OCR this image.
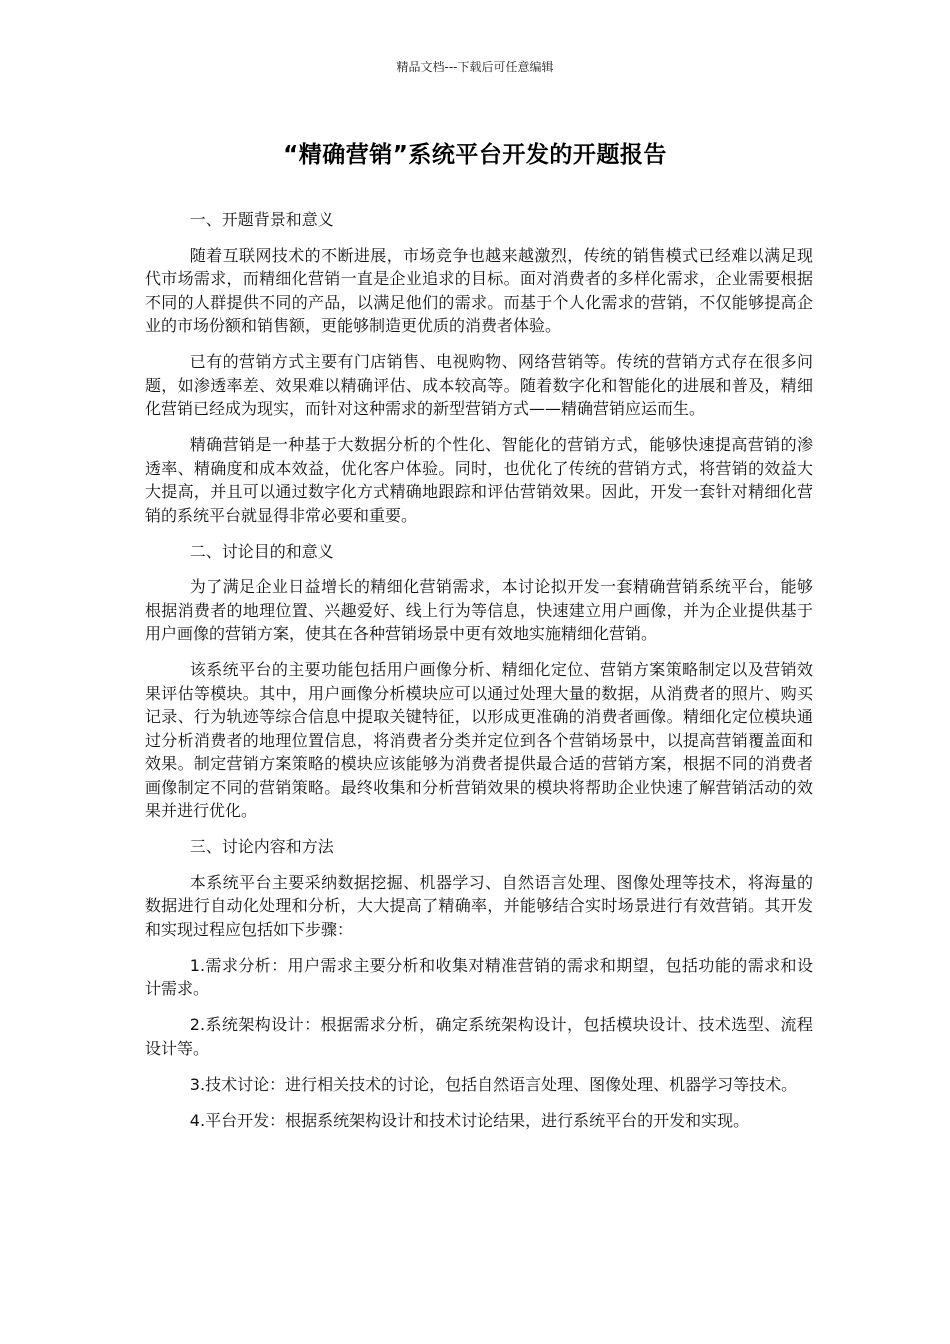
精品文档---下载后可任意编辑
“精确营销”系统平台开发的开题报告

一、开题背景和意义

随着互联网技术的不断进展，市场竞争也越来越激烈，传统的销售模式已经难以满足现代市场需求，而精细化营销一直是企业追求的目标。面对消费者的多样化需求，企业需要根据不同的人群提供不同的产品，以满足他们的需求。而基于个人化需求的营销，不仅能够提高企业的市场份额和销售额，更能够制造更优质的消费者体验。

已有的营销方式主要有门店销售、电视购物、网络营销等。传统的营销方式存在很多问题，如渗透率差、效果难以精确评估、成本较高等。随着数字化和智能化的进展和普及，精细化营销已经成为现实，而针对这种需求的新型营销方式——精确营销应运而生。

精确营销是一种基于大数据分析的个性化、智能化的营销方式，能够快速提高营销的渗透率、精确度和成本效益，优化客户体验。同时，也优化了传统的营销方式，将营销的效益大大提高，并且可以通过数字化方式精确地跟踪和评估营销效果。因此，开发一套针对精细化营销的系统平台就显得非常必要和重要。

二、讨论目的和意义

为了满足企业日益增长的精细化营销需求，本讨论拟开发一套精确营销系统平台，能够根据消费者的地理位置、兴趣爱好、线上行为等信息，快速建立用户画像，并为企业提供基于用户画像的营销方案，使其在各种营销场景中更有效地实施精细化营销。

该系统平台的主要功能包括用户画像分析、精细化定位、营销方案策略制定以及营销效果评估等模块。其中，用户画像分析模块应可以通过处理大量的数据，从消费者的照片、购买记录、行为轨迹等综合信息中提取关键特征，以形成更准确的消费者画像。精细化定位模块通过分析消费者的地理位置信息，将消费者分类并定位到各个营销场景中，以提高营销覆盖面和效果。制定营销方案策略的模块应该能够为消费者提供最合适的营销方案，根据不同的消费者画像制定不同的营销策略。最终收集和分析营销效果的模块将帮助企业快速了解营销活动的效果并进行优化。

三、讨论内容和方法

本系统平台主要采纳数据挖掘、机器学习、自然语言处理、图像处理等技术，将海量的数据进行自动化处理和分析，大大提高了精确率，并能够结合实时场景进行有效营销。其开发和实现过程应包括如下步骤：

1.需求分析：用户需求主要分析和收集对精准营销的需求和期望，包括功能的需求和设计需求。

2.系统架构设计：根据需求分析，确定系统架构设计，包括模块设计、技术选型、流程设计等。

3.技术讨论：进行相关技术的讨论，包括自然语言处理、图像处理、机器学习等技术。

4.平台开发：根据系统架构设计和技术讨论结果，进行系统平台的开发和实现。
